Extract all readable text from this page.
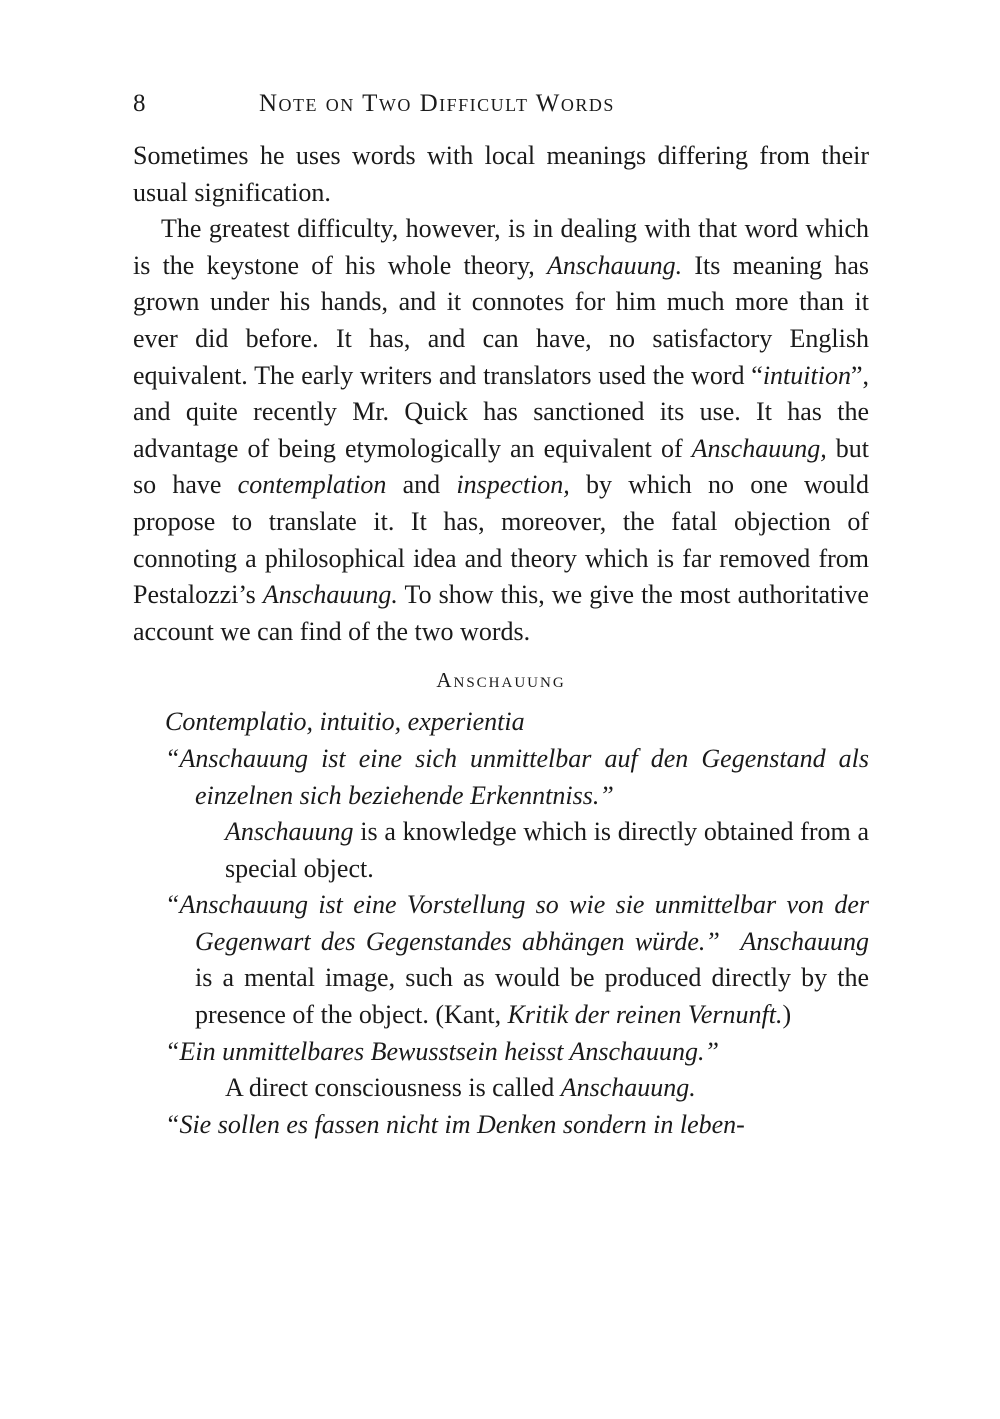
8	Note on Two Difficult Words

Sometimes he uses words with local meanings differing from their usual signification.

The greatest difficulty, however, is in dealing with that word which is the keystone of his whole theory, Anschauung. Its meaning has grown under his hands, and it connotes for him much more than it ever did before. It has, and can have, no satisfactory English equivalent. The early writers and translators used the word “intuition”, and quite recently Mr. Quick has sanctioned its use. It has the advantage of being etymologically an equivalent of Anschauung, but so have contemplation and inspection, by which no one would propose to translate it. It has, moreover, the fatal objection of connoting a philosophical idea and theory which is far removed from Pestalozzi’s Anschauung. To show this, we give the most authoritative account we can find of the two words.

Anschauung
Contemplatio, intuitio, experientia
“Anschauung ist eine sich unmittelbar auf den Gegenstand als einzelnen sich beziehende Erkenntniss.”
Anschauung is a knowledge which is directly obtained from a special object.
“Anschauung ist eine Vorstellung so wie sie unmittelbar von der Gegenwart des Gegenstandes abhängen würde.” Anschauung is a mental image, such as would be produced directly by the presence of the object. (Kant, Kritik der reinen Vernunft.)
“Ein unmittelbares Bewusstsein heisst Anschauung.”
A direct consciousness is called Anschauung.
“Sie sollen es fassen nicht im Denken sondern in leben-
